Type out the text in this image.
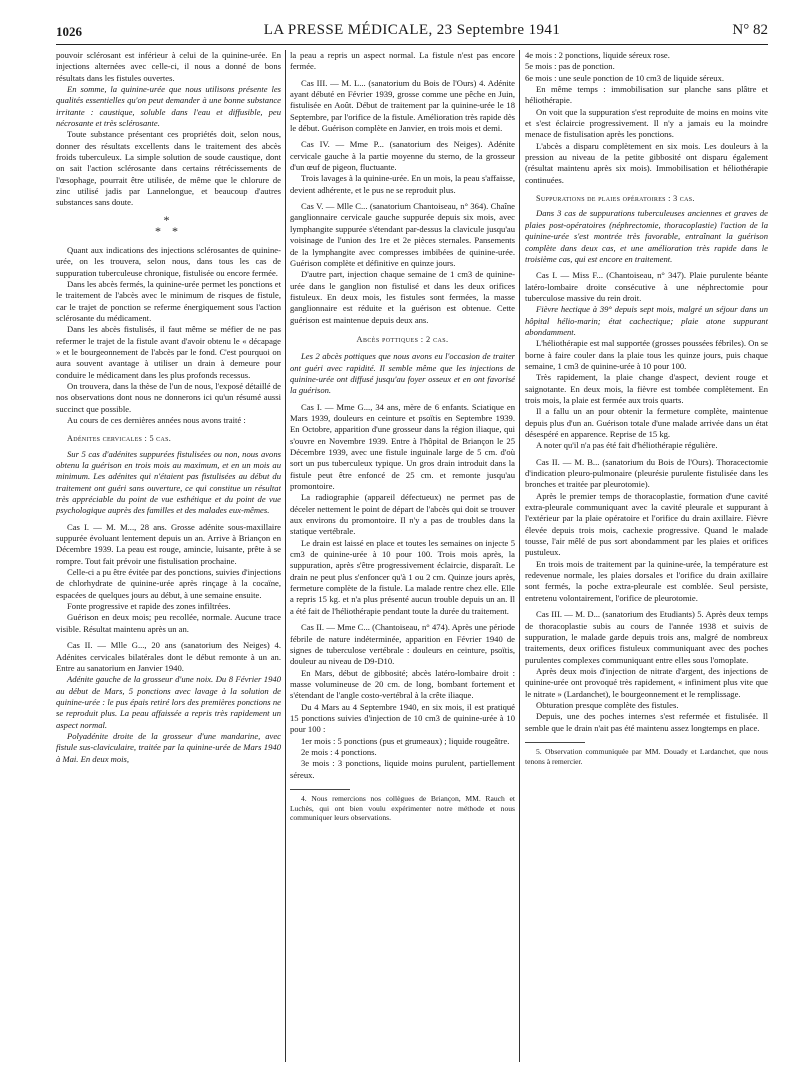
1026	LA PRESSE MÉDICALE, 23 Septembre 1941	N° 82

pouvoir sclérosant est inférieur à celui de la quinine-urée. En injections alternées avec celle-ci, il nous a donné de bons résultats dans les fistules ouvertes.

En somme, la quinine-urée que nous utilisons présente les qualités essentielles qu'on peut demander à une bonne substance irritante : caustique, soluble dans l'eau et diffusible, peu nécrosante et très sclérosante.

Toute substance présentant ces propriétés doit, selon nous, donner des résultats excellents dans le traitement des abcès froids tuberculeux. La simple solution de soude caustique, dont on sait l'action sclérosante dans certains rétrécissements de l'œsophage, pourrait être utilisée, de même que le chlorure de zinc utilisé jadis par Lannelongue, et beaucoup d'autres substances sans doute.

*
* *

Quant aux indications des injections sclérosantes de quinine-urée, on les trouvera, selon nous, dans tous les cas de suppuration tuberculeuse chronique, fistulisée ou encore fermée.

Dans les abcès fermés, la quinine-urée permet les ponctions et le traitement de l'abcès avec le minimum de risques de fistule, car le trajet de ponction se referme énergiquement sous l'action sclérosante du médicament.

Dans les abcès fistulisés, il faut même se méfier de ne pas refermer le trajet de la fistule avant d'avoir obtenu le « décapage » et le bourgeonnement de l'abcès par le fond. C'est pourquoi on aura souvent avantage à utiliser un drain à demeure pour conduire le médicament dans les plus profonds recessus.

On trouvera, dans la thèse de l'un de nous, l'exposé détaillé de nos observations dont nous ne donnerons ici qu'un résumé aussi succinct que possible.

Au cours de ces dernières années nous avons traité :

Adénites cervicales : 5 cas.

Sur 5 cas d'adénites suppurées fistulisées ou non, nous avons obtenu la guérison en trois mois au maximum, et en un mois au minimum. Les adénites qui n'étaient pas fistulisées au début du traitement ont guéri sans ouverture, ce qui constitue un résultat très appréciable du point de vue esthétique et du point de vue psychologique auprès des familles et des malades eux-mêmes.

Cas I. — M. M..., 28 ans. Grosse adénite sous-maxillaire suppurée évoluant lentement depuis un an. Arrive à Briançon en Décembre 1939. La peau est rouge, amincie, luisante, prête à se rompre. Tout fait prévoir une fistulisation prochaine.

Celle-ci a pu être évitée par des ponctions, suivies d'injections de chlorhydrate de quinine-urée après rinçage à la cocaïne, espacées de quelques jours au début, à une semaine ensuite.

Fonte progressive et rapide des zones infiltrées.

Guérison en deux mois; peu recollée, normale. Aucune trace visible. Résultat maintenu après un an.

Cas II. — Mlle G..., 20 ans (sanatorium des Neiges) 4. Adénites cervicales bilatérales dont le début remonte à un an. Entre au sanatorium en Janvier 1940.

Adénite gauche de la grosseur d'une noix. Du 8 Février 1940 au début de Mars, 5 ponctions avec lavage à la solution de quinine-urée : le pus épais retiré lors des premières ponctions ne se reproduit plus. La peau affaissée a repris très rapidement un aspect normal.

Polyadénite droite de la grosseur d'une mandarine, avec fistule sus-claviculaire, traitée par la quinine-urée de Mars 1940 à Mai. En deux mois,

la peau a repris un aspect normal. La fistule n'est pas encore fermée.

Cas III. — M. L... (sanatorium du Bois de l'Ours) 4. Adénite ayant débuté en Février 1939, grosse comme une pêche en Juin, fistulisée en Août. Début de traitement par la quinine-urée le 18 Septembre, par l'orifice de la fistule. Amélioration très rapide dès le début. Guérison complète en Janvier, en trois mois et demi.

Cas IV. — Mme P... (sanatorium des Neiges). Adénite cervicale gauche à la partie moyenne du sterno, de la grosseur d'un œuf de pigeon, fluctuante.

Trois lavages à la quinine-urée. En un mois, la peau s'affaisse, devient adhérente, et le pus ne se reproduit plus.

Cas V. — Mlle C... (sanatorium Chantoiseau, n° 364). Chaîne ganglionnaire cervicale gauche suppurée depuis six mois, avec lymphangite suppurée s'étendant par-dessus la clavicule jusqu'au voisinage de l'union des 1re et 2e pièces sternales. Pansements de la lymphangite avec compresses imbibées de quinine-urée. Guérison complète et définitive en quinze jours.

D'autre part, injection chaque semaine de 1 cm3 de quinine-urée dans le ganglion non fistulisé et dans les deux orifices fistuleux. En deux mois, les fistules sont fermées, la masse ganglionnaire est réduite et la guérison est obtenue. Cette guérison est maintenue depuis deux ans.

Abcès pottiques : 2 cas.

Les 2 abcès pottiques que nous avons eu l'occasion de traiter ont guéri avec rapidité. Il semble même que les injections de quinine-urée ont diffusé jusqu'au foyer osseux et en ont favorisé la guérison.

Cas I. — Mme G..., 34 ans, mère de 6 enfants. Sciatique en Mars 1939, douleurs en ceinture et psoïtis en Septembre 1939. En Octobre, apparition d'une grosseur dans la région iliaque, qui s'ouvre en Novembre 1939. Entre à l'hôpital de Briançon le 25 Décembre 1939, avec une fistule inguinale large de 5 cm. d'où sort un pus tuberculeux typique. Un gros drain introduit dans la fistule peut être enfoncé de 25 cm. et remonte jusqu'au promontoire.

La radiographie (appareil défectueux) ne permet pas de déceler nettement le point de départ de l'abcès qui doit se trouver aux environs du promontoire. Il n'y a pas de troubles dans la statique vertébrale.

Le drain est laissé en place et toutes les semaines on injecte 5 cm3 de quinine-urée à 10 pour 100. Trois mois après, la suppuration, après s'être progressivement éclaircie, disparaît. Le drain ne peut plus s'enfoncer qu'à 1 ou 2 cm. Quinze jours après, fermeture complète de la fistule. La malade rentre chez elle. Elle a repris 15 kg. et n'a plus présenté aucun trouble depuis un an. Il a été fait de l'héliothérapie pendant toute la durée du traitement.

Cas II. — Mme C... (Chantoiseau, n° 474). Après une période fébrile de nature indéterminée, apparition en Février 1940 de signes de tuberculose vertébrale : douleurs en ceinture, psoïtis, douleur au niveau de D9-D10.

En Mars, début de gibbosité; abcès latéro-lombaire droit : masse volumineuse de 20 cm. de long, bombant fortement et s'étendant de l'angle costo-vertébral à la crête iliaque.

Du 4 Mars au 4 Septembre 1940, en six mois, il est pratiqué 15 ponctions suivies d'injection de 10 cm3 de quinine-urée à 10 pour 100 :

1er mois : 5 ponctions (pus et grumeaux) ; liquide rougeâtre.

2e mois : 4 ponctions.

3e mois : 3 ponctions, liquide moins purulent, partiellement séreux.

4. Nous remercions nos collègues de Briançon, MM. Rauch et Luchès, qui ont bien voulu expérimenter notre méthode et nous communiquer leurs observations.

4e mois : 2 ponctions, liquide séreux rose.

5e mois : pas de ponction.

6e mois : une seule ponction de 10 cm3 de liquide séreux.

En même temps : immobilisation sur planche sans plâtre et héliothérapie.

On voit que la suppuration s'est reproduite de moins en moins vite et s'est éclaircie progressivement. Il n'y a jamais eu la moindre menace de fistulisation après les ponctions.

L'abcès a disparu complètement en six mois. Les douleurs à la pression au niveau de la petite gibbosité ont disparu également (résultat maintenu après six mois). Immobilisation et héliothérapie continuées.

Suppurations de plaies opératoires : 3 cas.

Dans 3 cas de suppurations tuberculeuses anciennes et graves de plaies post-opératoires (néphrectomie, thoracoplastie) l'action de la quinine-urée s'est montrée très favorable, entraînant la guérison complète dans deux cas, et une amélioration très rapide dans le troisième cas, qui est encore en traitement.

Cas I. — Miss F... (Chantoiseau, n° 347). Plaie purulente béante latéro-lombaire droite consécutive à une néphrectomie pour tuberculose massive du rein droit.

Fièvre hectique à 39° depuis sept mois, malgré un séjour dans un hôpital hélio-marin; état cachectique; plaie atone suppurant abondamment.

L'héliothérapie est mal supportée (grosses poussées fébriles). On se borne à faire couler dans la plaie tous les quinze jours, puis chaque semaine, 1 cm3 de quinine-urée à 10 pour 100.

Très rapidement, la plaie change d'aspect, devient rouge et saignotante. En deux mois, la fièvre est tombée complètement. En trois mois, la plaie est fermée aux trois quarts.

Il a fallu un an pour obtenir la fermeture complète, maintenue depuis plus d'un an. Guérison totale d'une malade arrivée dans un état désespéré en apparence. Reprise de 15 kg.

A noter qu'il n'a pas été fait d'héliothérapie régulière.

Cas II. — M. B... (sanatorium du Bois de l'Ours). Thoracectomie d'indication pleuro-pulmonaire (pleurésie purulente fistulisée dans les bronches et traitée par pleurotomie).

Après le premier temps de thoracoplastie, formation d'une cavité extra-pleurale communiquant avec la cavité pleurale et suppurant à l'extérieur par la plaie opératoire et l'orifice du drain axillaire. Fièvre élevée depuis trois mois, cachexie progressive. Quand le malade tousse, l'air mêlé de pus sort abondamment par les plaies et orifices pustuleux.

En trois mois de traitement par la quinine-urée, la température est redevenue normale, les plaies dorsales et l'orifice du drain axillaire sont fermés, la poche extra-pleurale est comblée. Seul persiste, entretenu volontairement, l'orifice de pleurotomie.

Cas III. — M. D... (sanatorium des Etudiants) 5. Après deux temps de thoracoplastie subis au cours de l'année 1938 et suivis de suppuration, le malade garde depuis trois ans, malgré de nombreux traitements, deux orifices fistuleux communiquant avec des poches purulentes complexes communiquant entre elles sous l'omoplate.

Après deux mois d'injection de nitrate d'argent, des injections de quinine-urée ont provoqué très rapidement, « infiniment plus vite que le nitrate » (Lardanchet), le bourgeonnement et le remplissage.

Obturation presque complète des fistules.

Depuis, une des poches internes s'est refermée et fistulisée. Il semble que le drain n'ait pas été maintenu assez longtemps en place.

5. Observation communiquée par MM. Douady et Lardanchet, que nous tenons à remercier.
